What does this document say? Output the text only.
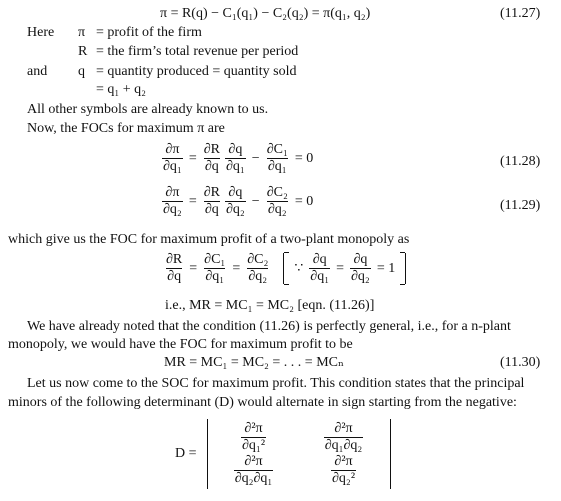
π = R(q) − C₁(q₁) − C₂(q₂) = π(q₁, q₂)	(11.27)
Here π = profit of the firm
R = the firm’s total revenue per period
and q = quantity produced = quantity sold
= q₁ + q₂
All other symbols are already known to us.
Now, the FOCs for maximum π are
$\frac{\partial\pi}{\text{∂q₁}} = \frac{\partial R}{\partial q} \frac{\partial q}{\text{∂q₁}} - \frac{\text{∂C₁}}{\text{∂q₁}} = 0$	(11.28)
$\frac{\partial\pi}{\text{∂q₂}} = \frac{\partial R}{\partial q} \frac{\partial q}{\text{∂q₂}} - \frac{\text{∂C₂}}{\text{∂q₂}} = 0$	(11.29)
which give us the FOC for maximum profit of a two-plant monopoly as
$\frac{\partial R}{\partial q} = \frac{\text{∂C₁}}{\text{∂q₁}} = \frac{\text{∂C₂}}{\text{∂q₂}}$ ∵ $\frac{\partial q}{\text{∂q₁}} = \frac{\partial q}{\text{∂q₂}} = 1$
i.e., MR = MC₁ = MC₂ [eqn. (11.26)]
We have already noted that the condition (11.26) is perfectly general, i.e., for a n-plant
monopoly, we would have the FOC for maximum profit to be
MR = MC₁ = MC₂ = . . . = MCₙ	(11.30)
Let us now come to the SOC for maximum profit. This condition states that the principal
minors of the following determinant (D) would alternate in sign starting from the negative:
D =
$\frac{\text{∂²π}}{\text{∂q₁²}}$	$\frac{\text{∂²π}}{\text{∂q₁∂q₂}}$
$\frac{\text{∂²π}}{\text{∂q₂∂q₁}}$	$\frac{\text{∂²π}}{\text{∂q₂²}}$
